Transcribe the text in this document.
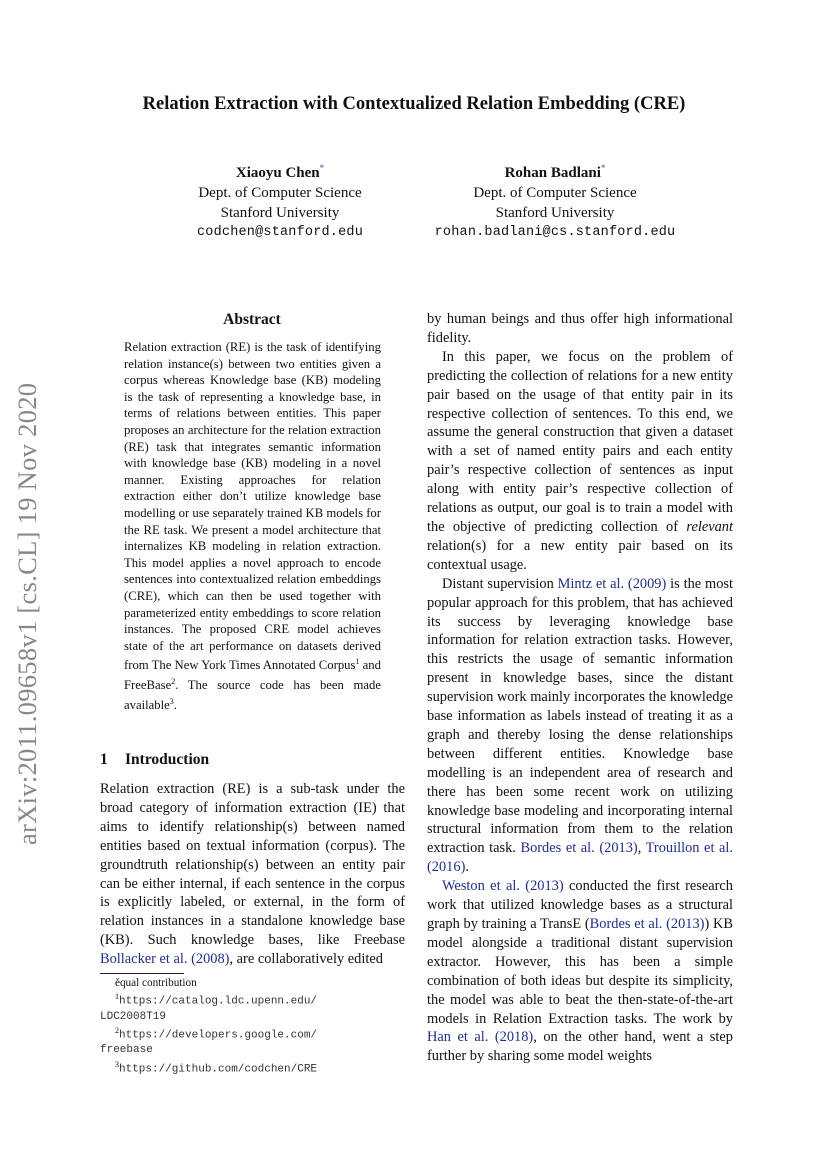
Relation Extraction with Contextualized Relation Embedding (CRE)
Xiaoyu Chen*
Dept. of Computer Science
Stanford University
codchen@stanford.edu
Rohan Badlani*
Dept. of Computer Science
Stanford University
rohan.badlani@cs.stanford.edu
arXiv:2011.09658v1 [cs.CL] 19 Nov 2020
Abstract
Relation extraction (RE) is the task of identifying relation instance(s) between two entities given a corpus whereas Knowledge base (KB) modeling is the task of representing a knowledge base, in terms of relations between entities. This paper proposes an architecture for the relation extraction (RE) task that integrates semantic information with knowledge base (KB) modeling in a novel manner. Existing approaches for relation extraction either don’t utilize knowledge base modelling or use separately trained KB models for the RE task. We present a model architecture that internalizes KB modeling in relation extraction. This model applies a novel approach to encode sentences into contextualized relation embeddings (CRE), which can then be used together with parameterized entity embeddings to score relation instances. The proposed CRE model achieves state of the art performance on datasets derived from The New York Times Annotated Corpus$^1$ and FreeBase$^2$. The source code has been made available$^3$.
1 Introduction

Relation extraction (RE) is a sub-task under the broad category of information extraction (IE) that aims to identify relationship(s) between named entities based on textual information (corpus). The groundtruth relationship(s) between an entity pair can be either internal, if each sentence in the corpus is explicitly labeled, or external, in the form of relation instances in a standalone knowledge base (KB). Such knowledge bases, like Freebase Bollacker et al. (2008), are collaboratively edited

ěqual contribution
$^1$https://catalog.ldc.upenn.edu/
LDC2008T19
$^2$https://developers.google.com/
freebase
$^3$https://github.com/codchen/CRE

by human beings and thus offer high informational fidelity.

In this paper, we focus on the problem of predicting the collection of relations for a new entity pair based on the usage of that entity pair in its respective collection of sentences. To this end, we assume the general construction that given a dataset with a set of named entity pairs and each entity pair’s respective collection of sentences as input along with entity pair’s respective collection of relations as output, our goal is to train a model with the objective of predicting collection of relevant relation(s) for a new entity pair based on its contextual usage.

Distant supervision Mintz et al. (2009) is the most popular approach for this problem, that has achieved its success by leveraging knowledge base information for relation extraction tasks. However, this restricts the usage of semantic information present in knowledge bases, since the distant supervision work mainly incorporates the knowledge base information as labels instead of treating it as a graph and thereby losing the dense relationships between different entities. Knowledge base modelling is an independent area of research and there has been some recent work on utilizing knowledge base modeling and incorporating internal structural information from them to the relation extraction task. Bordes et al. (2013), Trouillon et al. (2016).

Weston et al. (2013) conducted the first research work that utilized knowledge bases as a structural graph by training a TransE (Bordes et al. (2013)) KB model alongside a traditional distant supervision extractor. However, this has been a simple combination of both ideas but despite its simplicity, the model was able to beat the then-state-of-the-art models in Relation Extraction tasks. The work by Han et al. (2018), on the other hand, went a step further by sharing some model weights
